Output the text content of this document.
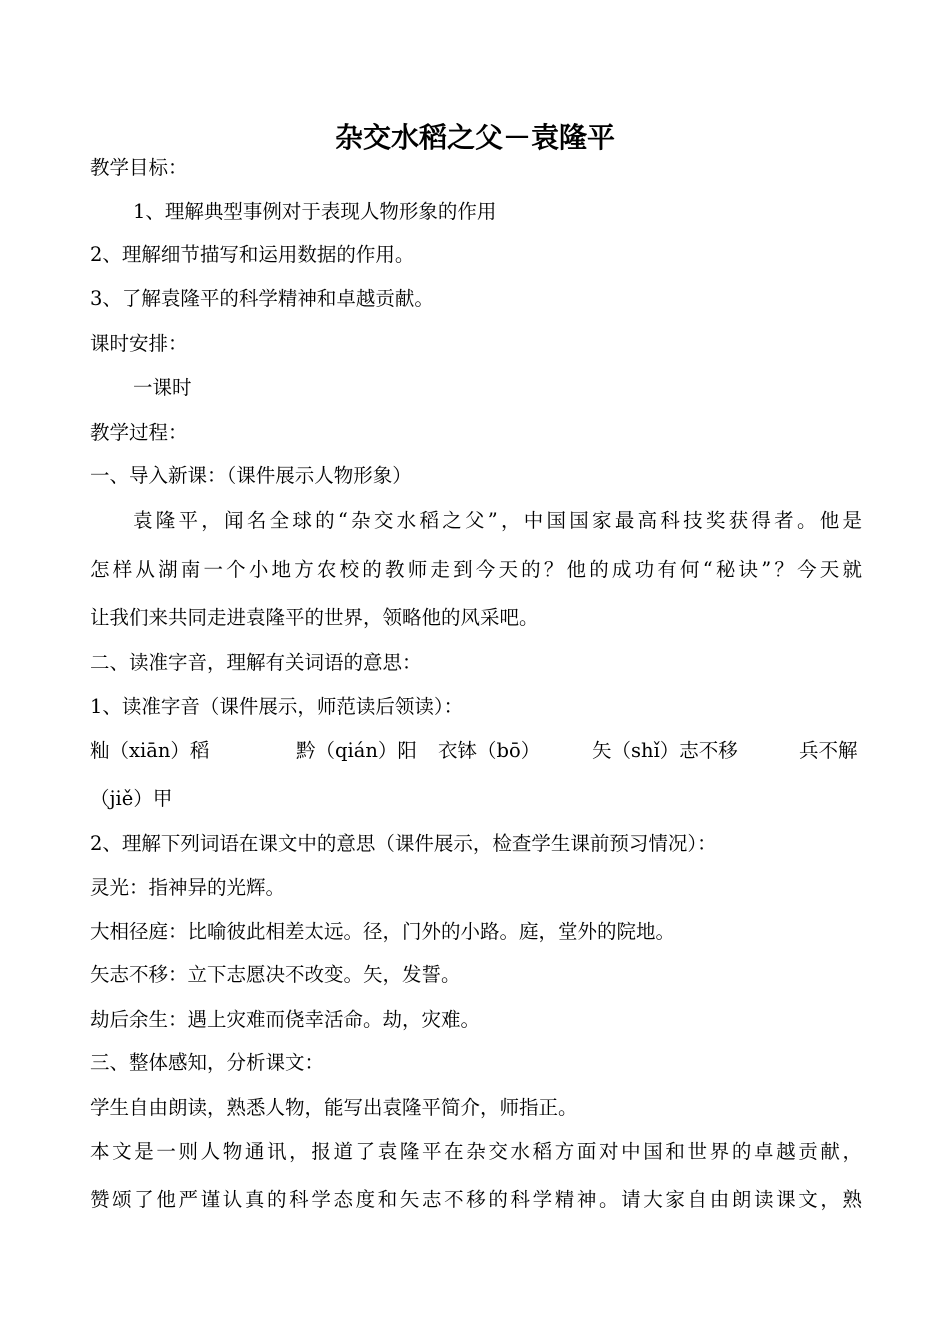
杂交水稻之父－袁隆平
教学目标：
1、理解典型事例对于表现人物形象的作用
2、理解细节描写和运用数据的作用。
3、了解袁隆平的科学精神和卓越贡献。
课时安排：
一课时
教学过程：
一、导入新课：（课件展示人物形象）
袁隆平，闻名全球的“杂交水稻之父”，中国国家最高科技奖获得者。他是
怎样从湖南一个小地方农校的教师走到今天的？他的成功有何“秘诀”？今天就
让我们来共同走进袁隆平的世界，领略他的风采吧。
二、读准字音，理解有关词语的意思：
1、读准字音（课件展示，师范读后领读）：
籼（xiān）稻	黔（qián）阳 衣钵（bō）	矢（shǐ）志不移	兵不解
（jiě）甲
2、理解下列词语在课文中的意思（课件展示，检查学生课前预习情况）：
灵光：指神异的光辉。
大相径庭：比喻彼此相差太远。径，门外的小路。庭，堂外的院地。
矢志不移：立下志愿决不改变。矢，发誓。
劫后余生：遇上灾难而侥幸活命。劫，灾难。
三、整体感知，分析课文：
学生自由朗读，熟悉人物，能写出袁隆平简介，师指正。
本文是一则人物通讯，报道了袁隆平在杂交水稻方面对中国和世界的卓越贡献，
赞颂了他严谨认真的科学态度和矢志不移的科学精神。请大家自由朗读课文，熟
